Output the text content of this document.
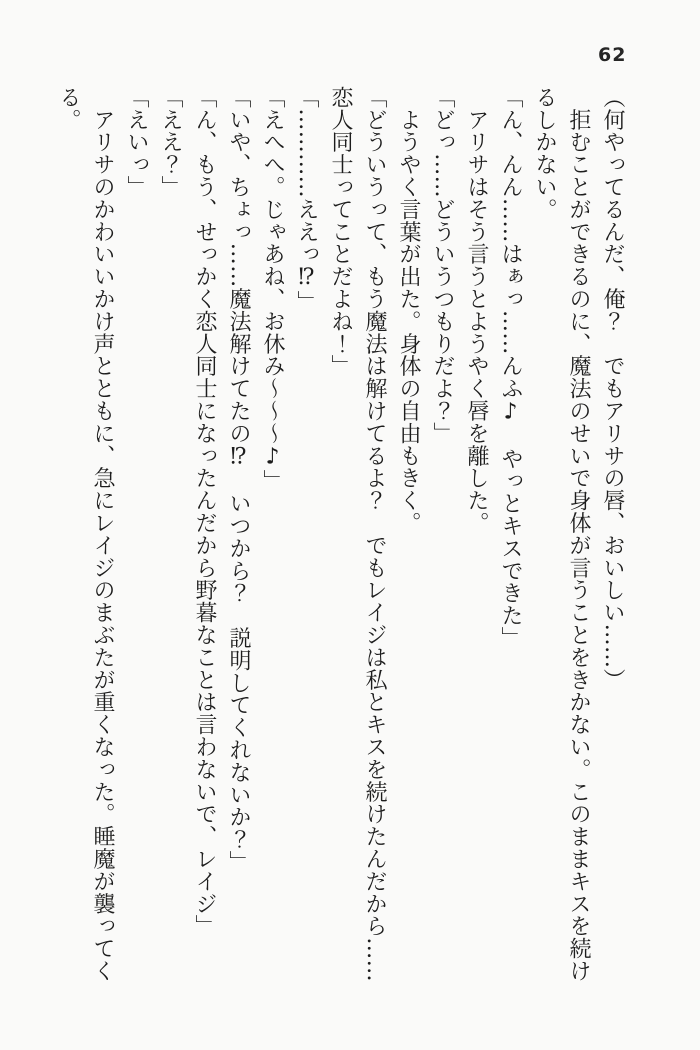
62
（何やってるんだ、俺？　でもアリサの唇、おいしい……）
　拒むことができるのに、魔法のせいで身体が言うことをきかない。このままキスを続け
るしかない。
「ん、んん……はぁっ……んふ♪　やっとキスできた」
　アリサはそう言うとようやく唇を離した。
「どっ……どういうつもりだよ？」
　ようやく言葉が出た。身体の自由もきく。
「どういうって、もう魔法は解けてるよ？　でもレイジは私とキスを続けたんだから……
恋人同士ってことだよね！」
「…………ええっ⁉」
「えへへ。じゃあね、お休み～～～♪」
「いや、ちょっ……魔法解けてたの⁉　いつから？　説明してくれないか？」
「ん、もう、せっかく恋人同士になったんだから野暮なことは言わないで、レイジ」
「ええ？」
「えいっ」
　アリサのかわいいかけ声とともに、急にレイジのまぶたが重くなった。睡魔が襲ってく
る。
